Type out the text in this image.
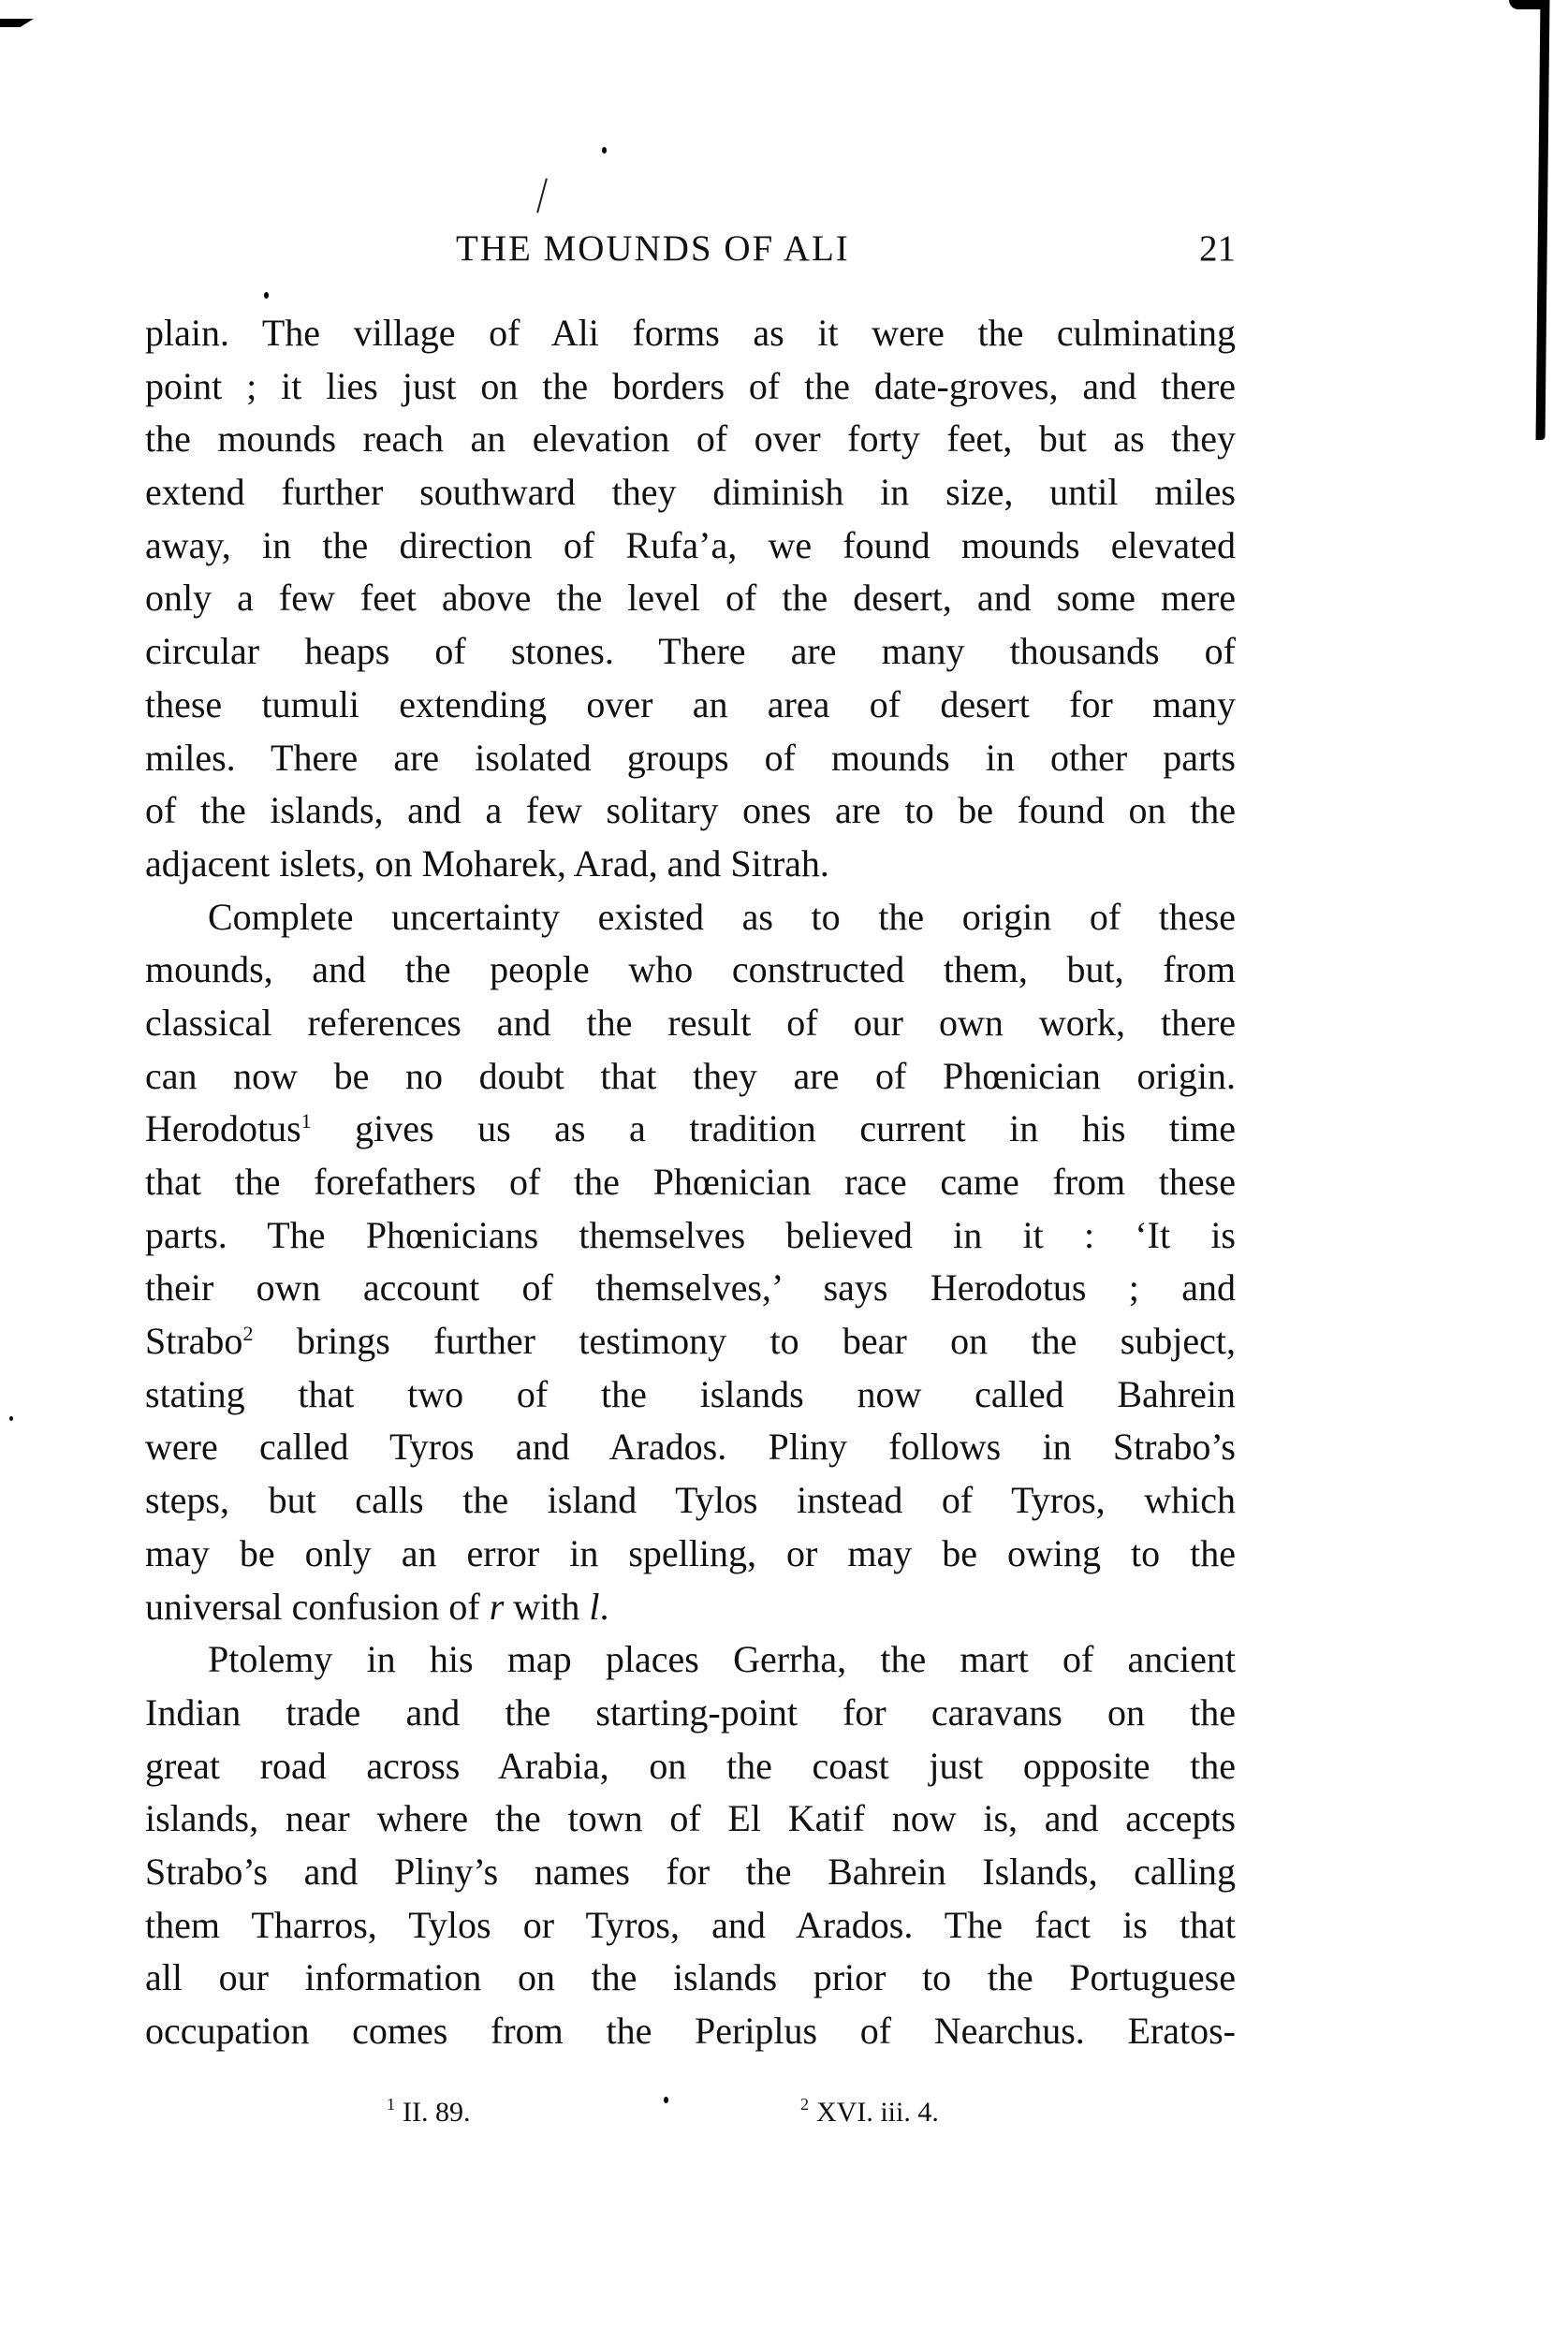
THE MOUNDS OF ALI	21
plain. The village of Ali forms as it were the culminating
point ; it lies just on the borders of the date-groves, and there
the mounds reach an elevation of over forty feet, but as they
extend further southward they diminish in size, until miles
away, in the direction of Rufa’a, we found mounds elevated
only a few feet above the level of the desert, and some mere
circular heaps of stones. There are many thousands of
these tumuli extending over an area of desert for many
miles. There are isolated groups of mounds in other parts
of the islands, and a few solitary ones are to be found on the
adjacent islets, on Moharek, Arad, and Sitrah.
Complete uncertainty existed as to the origin of these
mounds, and the people who constructed them, but, from
classical references and the result of our own work, there
can now be no doubt that they are of Phœnician origin.
Herodotus$^1$ gives us as a tradition current in his time
that the forefathers of the Phœnician race came from these
parts. The Phœnicians themselves believed in it : ‘It is
their own account of themselves,’ says Herodotus ; and
Strabo$^2$ brings further testimony to bear on the subject,
stating that two of the islands now called Bahrein
were called Tyros and Arados. Pliny follows in Strabo’s
steps, but calls the island Tylos instead of Tyros, which
may be only an error in spelling, or may be owing to the
universal confusion of r with l.
Ptolemy in his map places Gerrha, the mart of ancient
Indian trade and the starting-point for caravans on the
great road across Arabia, on the coast just opposite the
islands, near where the town of El Katif now is, and accepts
Strabo’s and Pliny’s names for the Bahrein Islands, calling
them Tharros, Tylos or Tyros, and Arados. The fact is that
all our information on the islands prior to the Portuguese
occupation comes from the Periplus of Nearchus. Eratos-
$^1$ II. 89.	$^2$ XVI. iii. 4.
